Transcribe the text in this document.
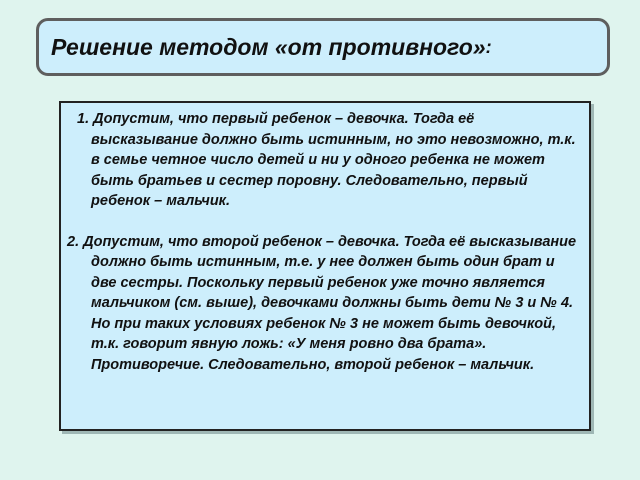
Решение методом «от противного» :

1. Допустим, что первый ребенок – девочка. Тогда её высказывание должно быть истинным, но это невозможно, т.к. в семье четное число детей и ни у одного ребенка не может быть братьев и сестер поровну. Следовательно, первый ребенок – мальчик.

2. Допустим, что второй ребенок – девочка. Тогда её высказывание должно быть истинным, т.е. у нее должен быть один брат и две сестры. Поскольку первый ребенок уже точно является мальчиком (см. выше), девочками должны быть дети № 3 и № 4. Но при таких условиях ребенок № 3 не может быть девочкой, т.к. говорит явную ложь: «У меня ровно два брата». Противоречие. Следовательно, второй ребенок – мальчик.
